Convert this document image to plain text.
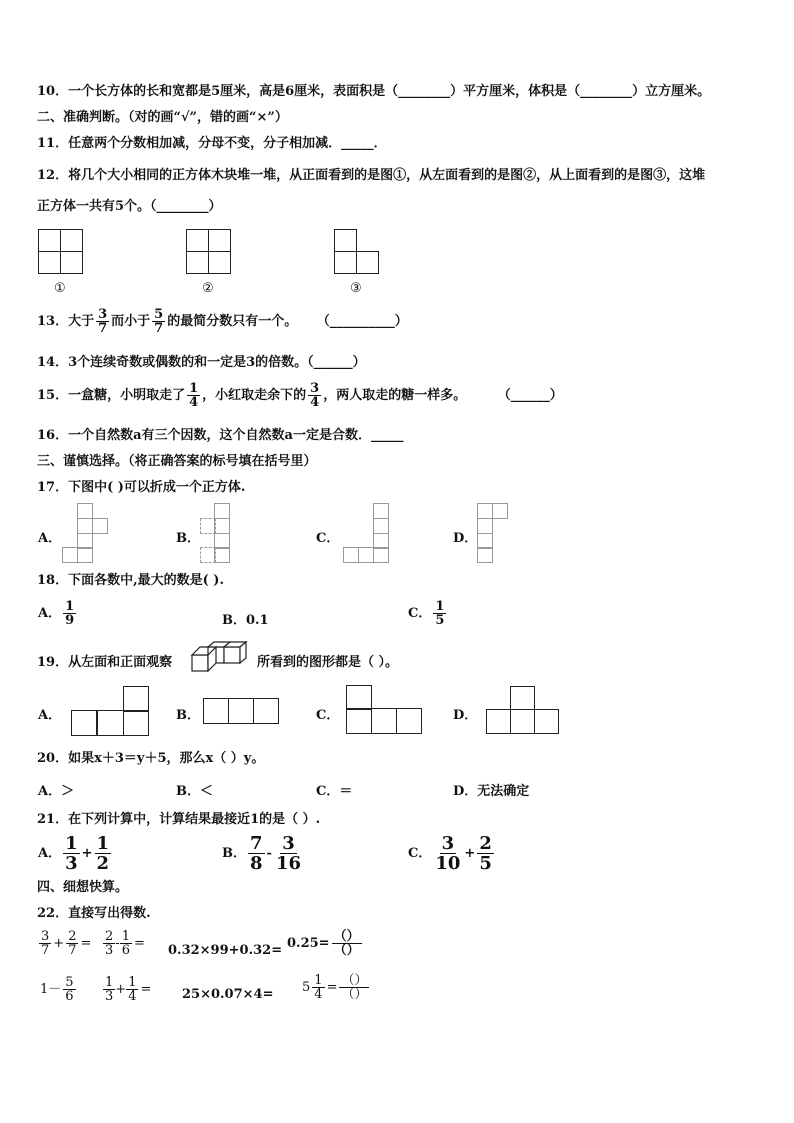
10．一个长方体的长和宽都是5厘米，高是6厘米，表面积是（________）平方厘米，体积是（________）立方厘米。
二、准确判断。（对的画“√”，错的画“×”）
11．任意两个分数相加减，分母不变，分子相加减．_____．
12．将几个大小相同的正方体木块堆一堆，从正面看到的是图①，从左面看到的是图②，从上面看到的是图③，这堆
正方体一共有5个。（________）
①	②	③
13．大于 $\frac{3}{7}$ 而小于 $\frac{5}{7}$ 的最简分数只有一个。 （__________）
14．3个连续奇数或偶数的和一定是3的倍数。（______）
15．一盒糖，小明取走了 $\frac{1}{4}$ ，小红取走余下的 $\frac{3}{4}$ ，两人取走的糖一样多。	（______）
16．一个自然数a有三个因数，这个自然数a一定是合数．_____
三、谨慎选择。（将正确答案的标号填在括号里）
17．下图中( )可以折成一个正方体.
A．	B．	C．	D．
18．下面各数中,最大的数是( ).
A． $\frac{1}{9}$	B．0.1	C． $\frac{1}{5}$
19．从左面和正面观察	所看到的图形都是（ ）。
A．	B．	C．	D．
20．如果x＋3＝y＋5，那么x（ ）y。
A．＞	B．＜	C．＝	D．无法确定
21．在下列计算中，计算结果最接近1的是（ ）.
A． $\frac{1}{3} + \frac{1}{2}$	B． $\frac{7}{8} - \frac{3}{16}$	C． $\frac{3}{10} + \frac{2}{5}$
四、细想快算。
22．直接写出得数.
$\frac{3}{7} + \frac{2}{7} = \frac{2}{3} - \frac{1}{6} = 0.32\times 99+0.32= 0.25= \frac{()}{()}$
$1- \frac{5}{6} \frac{1}{3} + \frac{1}{4} = 25\times 0.07\times 4= 5 \frac{1}{4} = \frac{()}{()}$
